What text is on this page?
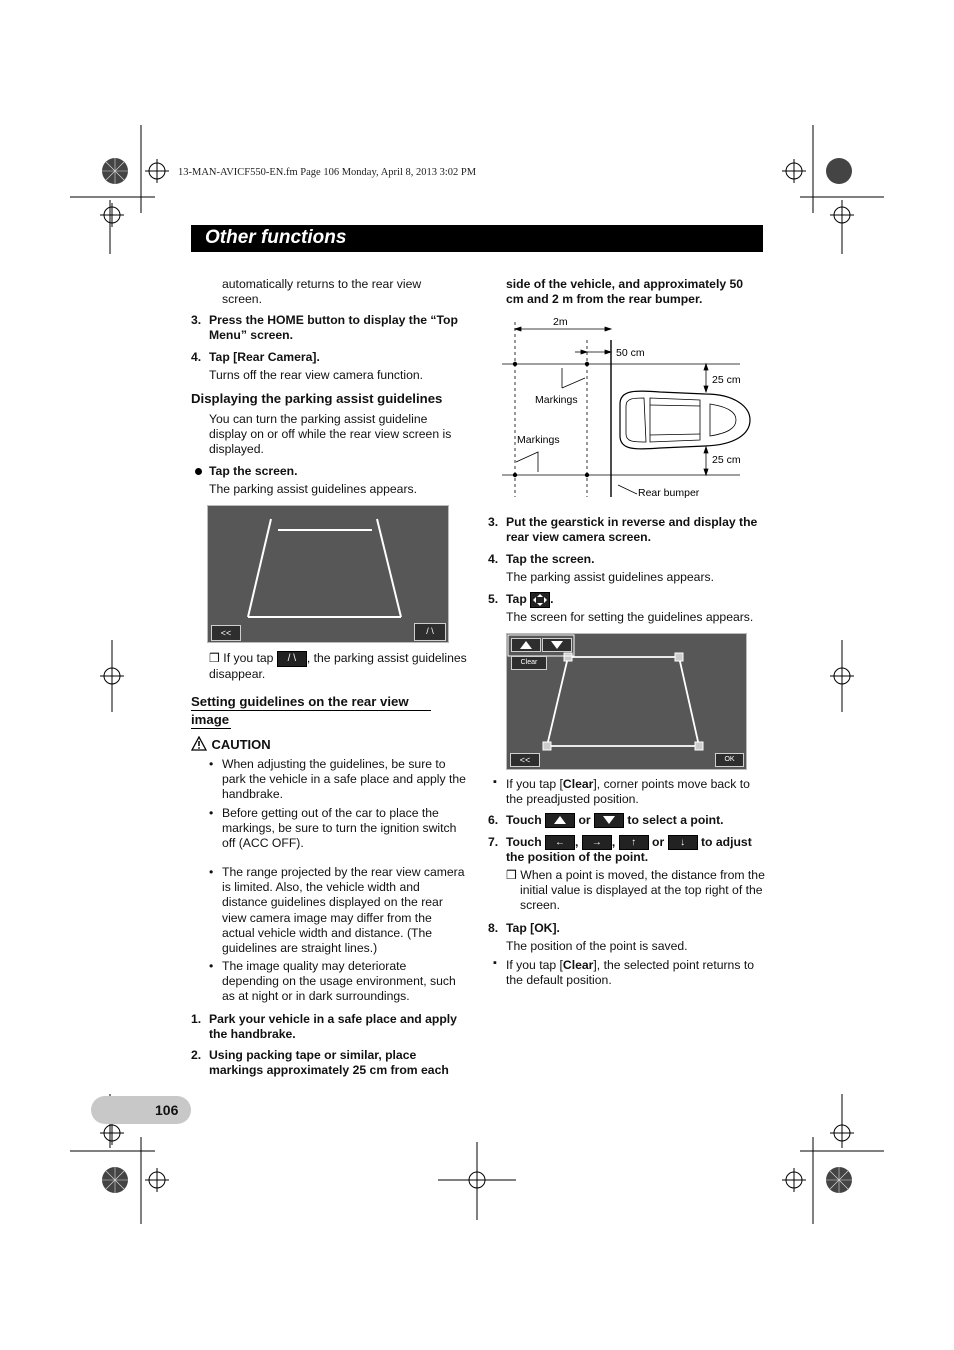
13-MAN-AVICF550-EN.fm Page 106 Monday, April 8, 2013 3:02 PM
Other functions
automatically returns to the rear view screen.
3. Press the HOME button to display the “Top Menu” screen.
4. Tap [Rear Camera].
Turns off the rear view camera function.
Displaying the parking assist guidelines
You can turn the parking assist guideline display on or off while the rear view screen is displayed.
Tap the screen.
The parking assist guidelines appears.
<<	/ \
❒ If you tap / \ , the parking assist guidelines disappear.
Setting guidelines on the rear view image
CAUTION
• When adjusting the guidelines, be sure to park the vehicle in a safe place and apply the handbrake.
• Before getting out of the car to place the markings, be sure to turn the ignition switch off (ACC OFF).
• The range projected by the rear view camera is limited. Also, the vehicle width and distance guidelines displayed on the rear view camera image may differ from the actual vehicle width and distance. (The guidelines are straight lines.)
• The image quality may deteriorate depending on the usage environment, such as at night or in dark surroundings.
1. Park your vehicle in a safe place and apply the handbrake.
2. Using packing tape or similar, place markings approximately 25 cm from each
side of the vehicle, and approximately 50 cm and 2 m from the rear bumper.
2m
50 cm
25 cm
25 cm
Markings
Markings
Rear bumper
3. Put the gearstick in reverse and display the rear view camera screen.
4. Tap the screen.
The parking assist guidelines appears.
5. Tap .
The screen for setting the guidelines appears.
Clear
<<	OK
▪ If you tap [Clear], corner points move back to the preadjusted position.
6. Touch	or	to select a point.
7. Touch ← , → , ↑ or ↓ to adjust
the position of the point.
❒ When a point is moved, the distance from the initial value is displayed at the top right of the screen.
8. Tap [OK].
The position of the point is saved.
▪ If you tap [Clear], the selected point returns to the default position.
106
